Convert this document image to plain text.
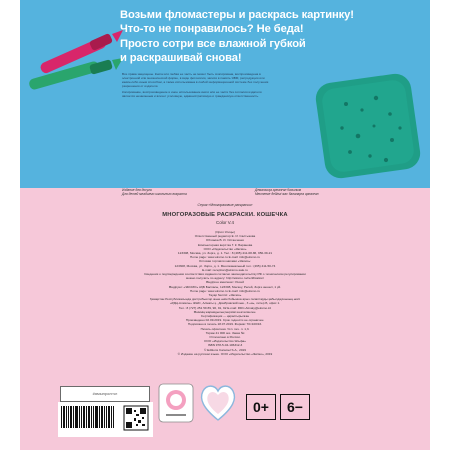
Возьми фломастеры и раскрась картинку!
Что-то не понравилось? Не беда!
Просто сотри все влажной губкой
и раскрашивай снова!
Все права защищены. Книга или любая ее часть не может быть скопирована, воспроизведена в электронной или механической форме, в виде фотокопии, записи в память ЭВМ, репродукции или каким-либо иным способом, а также использована в любой информационной системе без получения разрешения от издателя.
Копирование, воспроизведение и иное использование книги или ее части без согласия издателя является незаконным и влечет уголовную, административную и гражданскую ответственность.
Издание для досуга
Для детей младшего школьного возраста
Демалысқа арналған басылым
Мектепке дейінгі жас балаларға арналған
Серия «Многоразовые раскраски»
МНОГОРАЗОВЫЕ РАСКРАСКИ. КОШЕЧКА
Color V.4
(Орил Улицы)
Ответственный редактор Е. И. Салтыкова
Обложка В. И. Останченко
Компьютерная верстка Г. К. Баранова
ООО «Издательство «Эксмо»
123308, Москва, ул. Зорге, д. 1. Тел.: 8 (495) 411-68-86, 956-39-21
Home page: www.eksmo.ru E-mail: info@eksmo.ru
Оптовая торговля книгами «Эксмо»:
123308, Москва, ул. Зорге, д. 1. Многоканальный тел.: (495) 411-50-74
E-mail: reception@eksmo-sale.ru
Сведения о подтверждении соответствия издания согласно законодательству РФ о техническом регулировании
можно получить по адресу: http://eksmo.ru/certification/
Өндірген мемлекет: Ресей
Өндіруші: «ЭКСМО» АҚБ Баспасы, 123308, Мәскеу, Ресей, Зорге көшесі, 1 үй.
Home page: www.eksmo.ru E-mail: info@eksmo.ru
Тауар белгісі: «Эксмо»
Қазақстан Республикасында дистрибьютор және өнім бойынша арыз-талаптарды қабылдаушының өкілі
«РДЦ-Алматы» ЖШС, Алматы қ., Домбровский көш., 3 «а», литер Б, офис 1.
Тел.: 8 (727) 251 59 89, 90, 91, 92 E-mail: RDC-Almaty@eksmo.kz
Өнімнің жарамдылық мерзімі шектелмеген.
Сертификация — қарастырылған
Произведено 02.09.2019. Срок годности не ограничен.
Подписано в печать 18.07.2019. Формат 70×100/16.
Печать офсетная. Усл. печ. л. 1,3.
Тираж 41 000 экз. Заказ №
Отпечатано в России.
ООО «Издательство Эльфа»
ISBN 978-5-04-106312-3
© Editions Caramel S.A., 2019
© Издание на русском языке. ООО «Издательство «Эксмо», 2019
#ямыпролгчл
0+	6−
